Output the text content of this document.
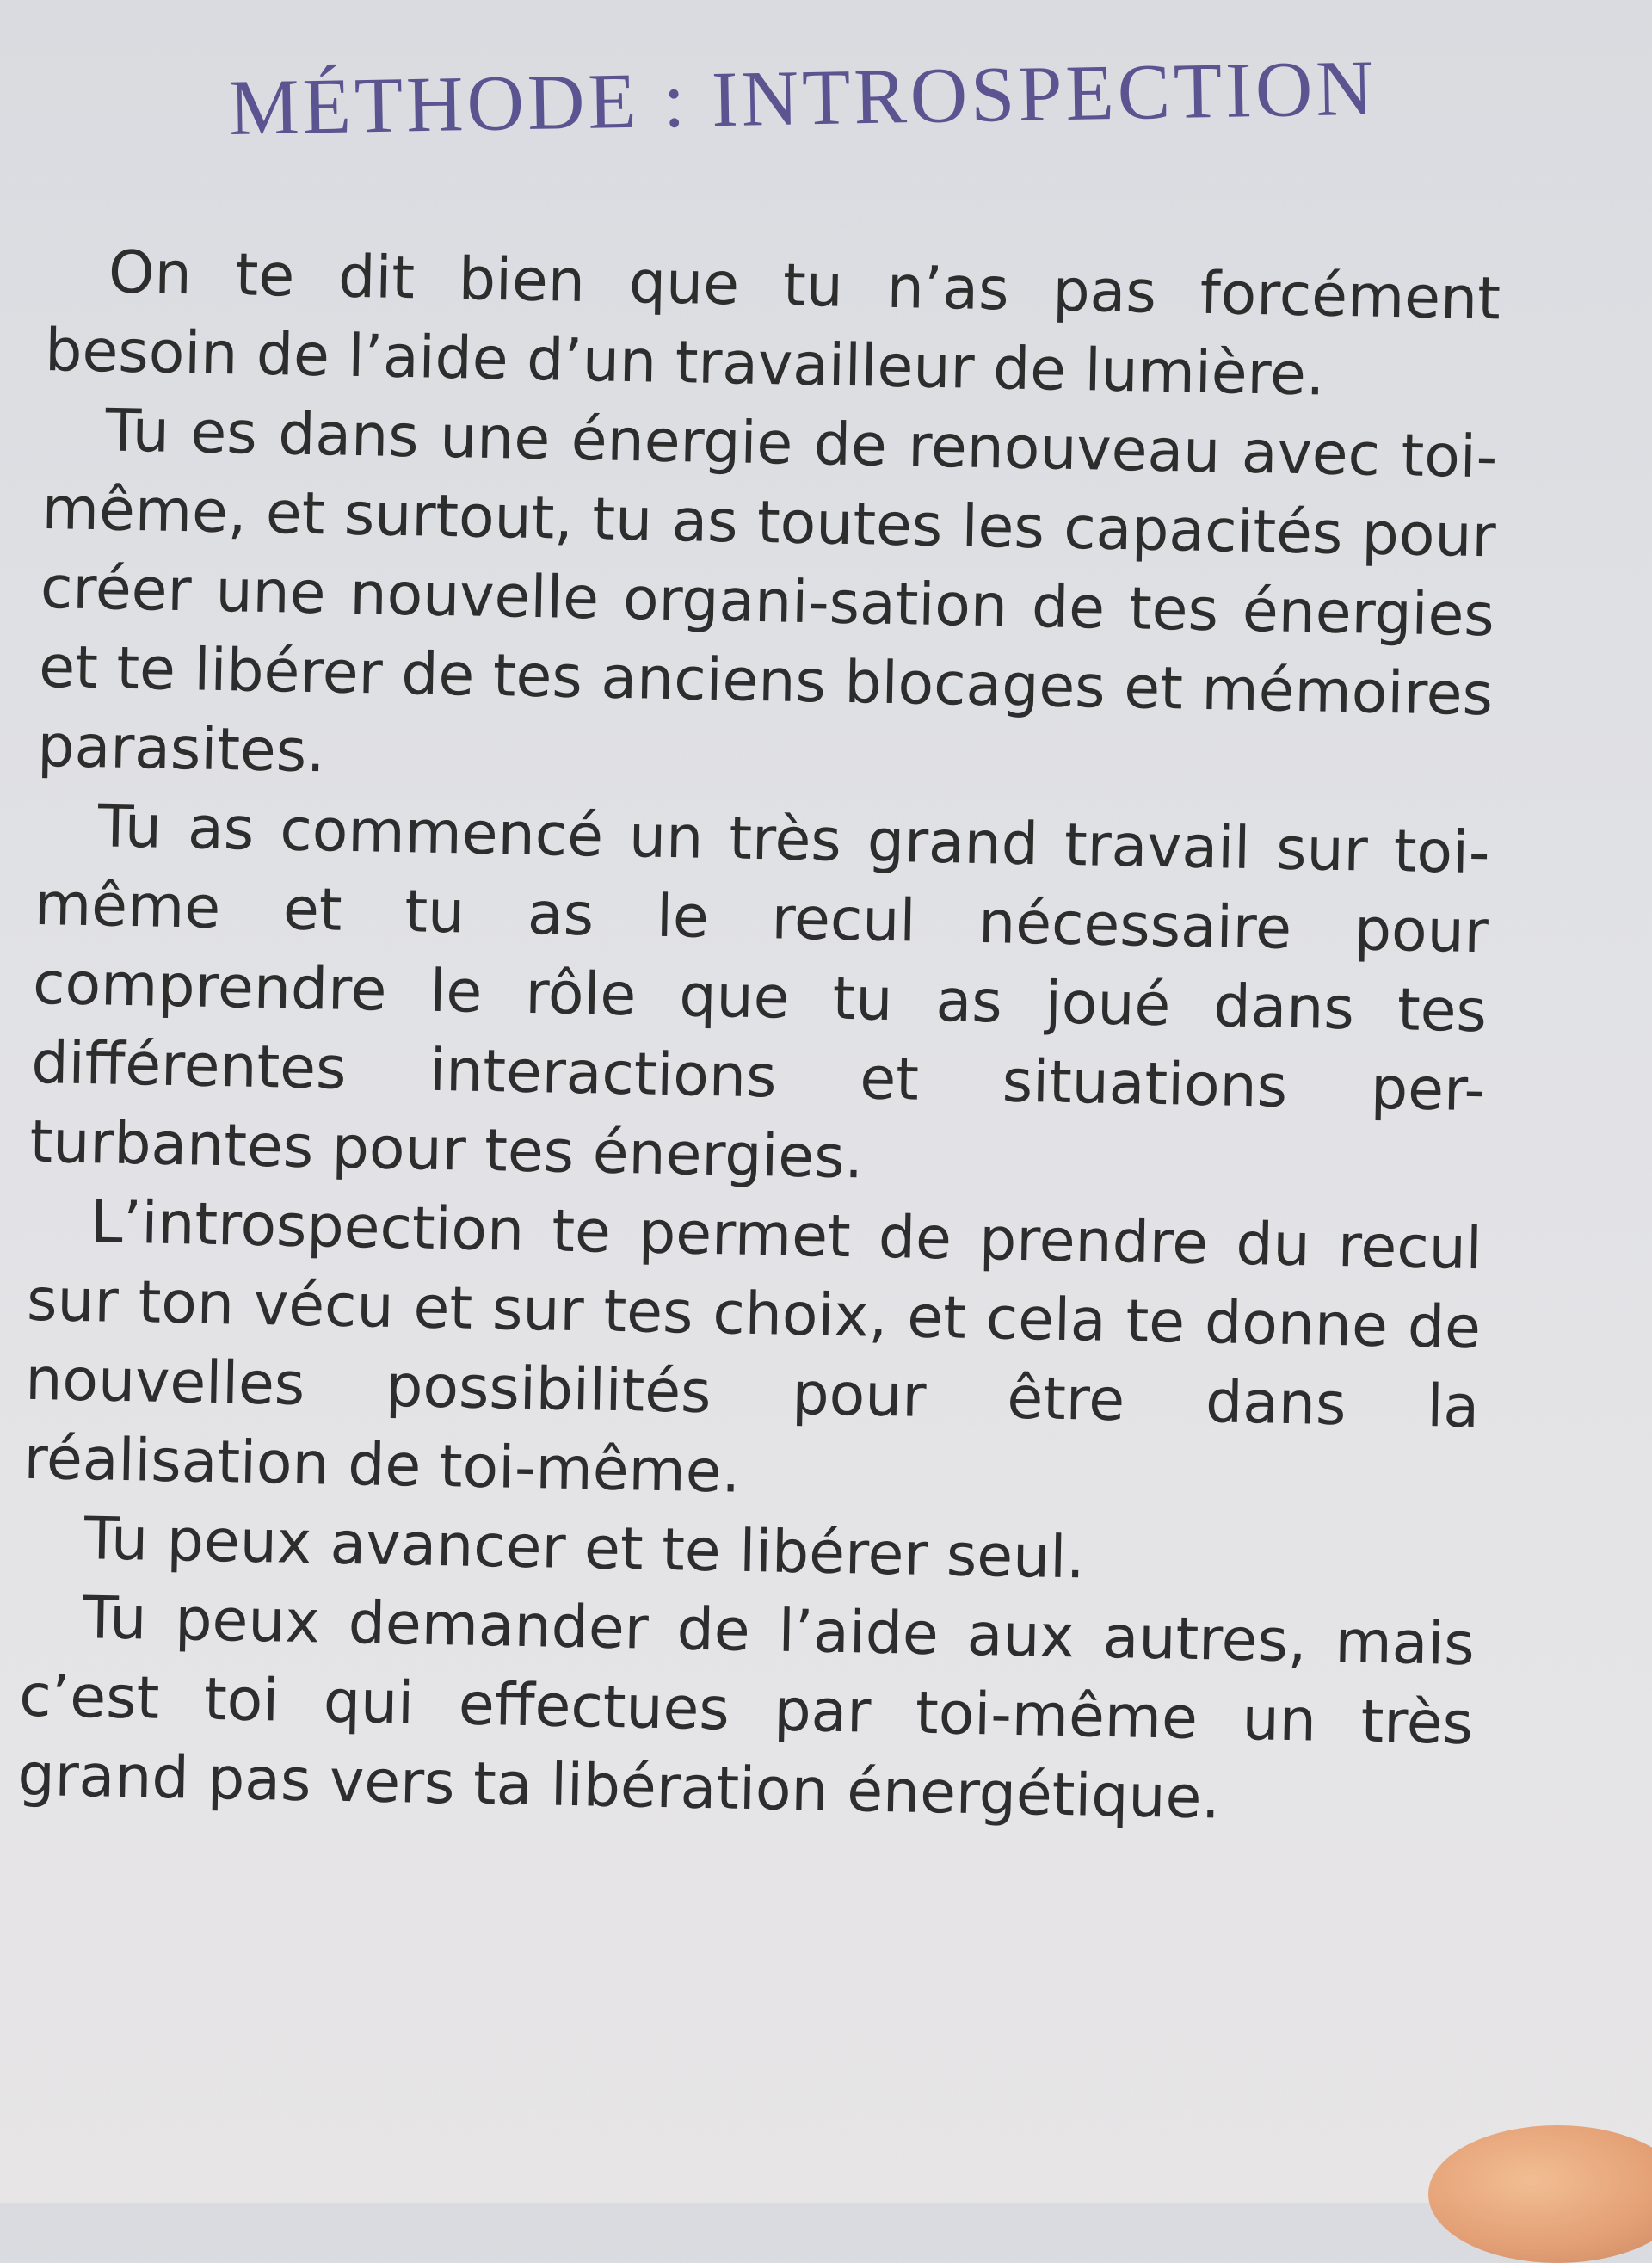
MÉTHODE : INTROSPECTION

On te dit bien que tu n’as pas forcément besoin de l’aide d’un travailleur de lumière.

Tu es dans une énergie de renouveau avec toi-même, et surtout, tu as toutes les capacités pour créer une nouvelle organi-sation de tes énergies et te libérer de tes anciens blocages et mémoires parasites.

Tu as commencé un très grand travail sur toi-même et tu as le recul nécessaire pour comprendre le rôle que tu as joué dans tes différentes interactions et situations per-turbantes pour tes énergies.

L’introspection te permet de prendre du recul sur ton vécu et sur tes choix, et cela te donne de nouvelles possibilités pour être dans la réalisation de toi-même.

Tu peux avancer et te libérer seul.

Tu peux demander de l’aide aux autres, mais c’est toi qui effectues par toi-même un très grand pas vers ta libération énergétique.
